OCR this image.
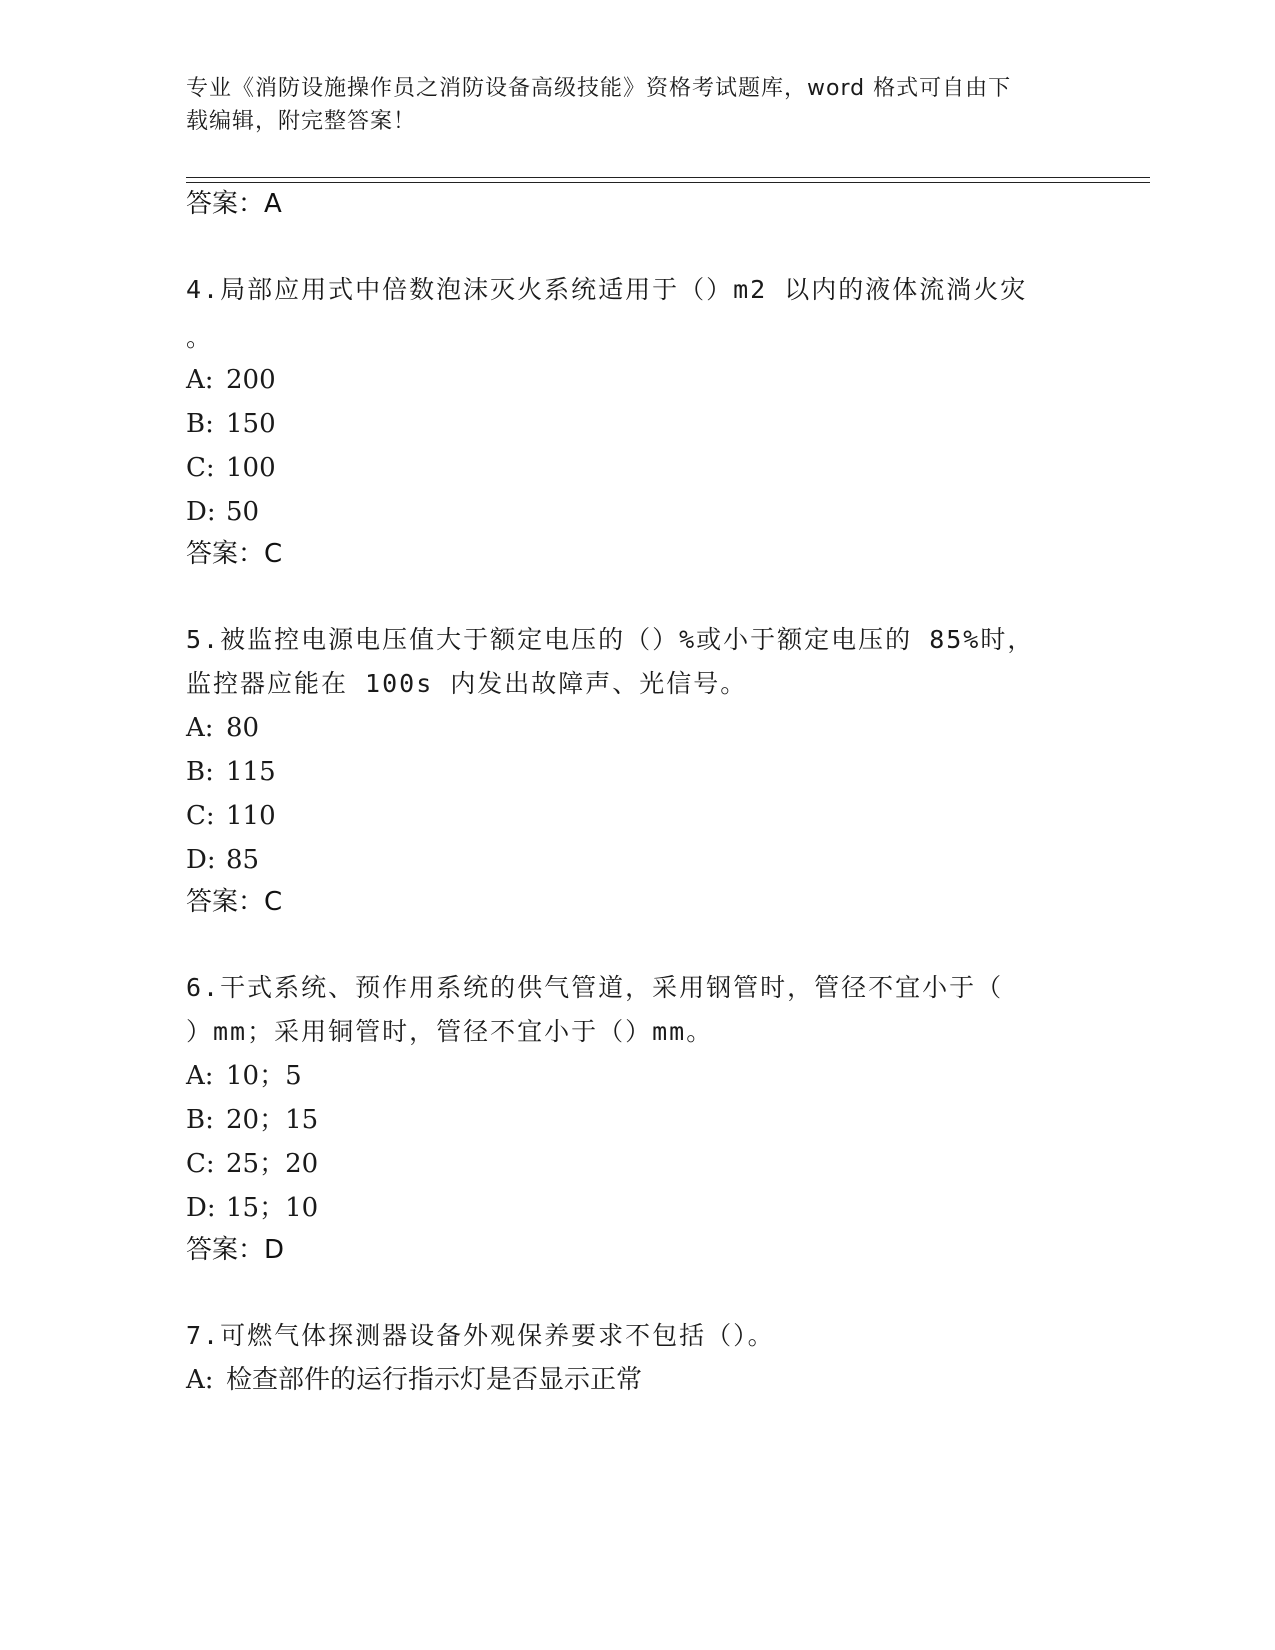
专业《消防设施操作员之消防设备高级技能》资格考试题库，word 格式可自由下
载编辑，附完整答案！
答案：A
4.局部应用式中倍数泡沫灭火系统适用于（）m2 以内的液体流淌火灾
。
A: 200
B: 150
C: 100
D: 50
答案：C
5.被监控电源电压值大于额定电压的（）%或小于额定电压的 85%时，
监控器应能在 100s 内发出故障声、光信号。
A: 80
B: 115
C: 110
D: 85
答案：C
6.干式系统、预作用系统的供气管道，采用钢管时，管径不宜小于（
）mm；采用铜管时，管径不宜小于（）mm。
A: 10；5
B: 20；15
C: 25；20
D: 15；10
答案：D
7.可燃气体探测器设备外观保养要求不包括（）。
A: 检查部件的运行指示灯是否显示正常
